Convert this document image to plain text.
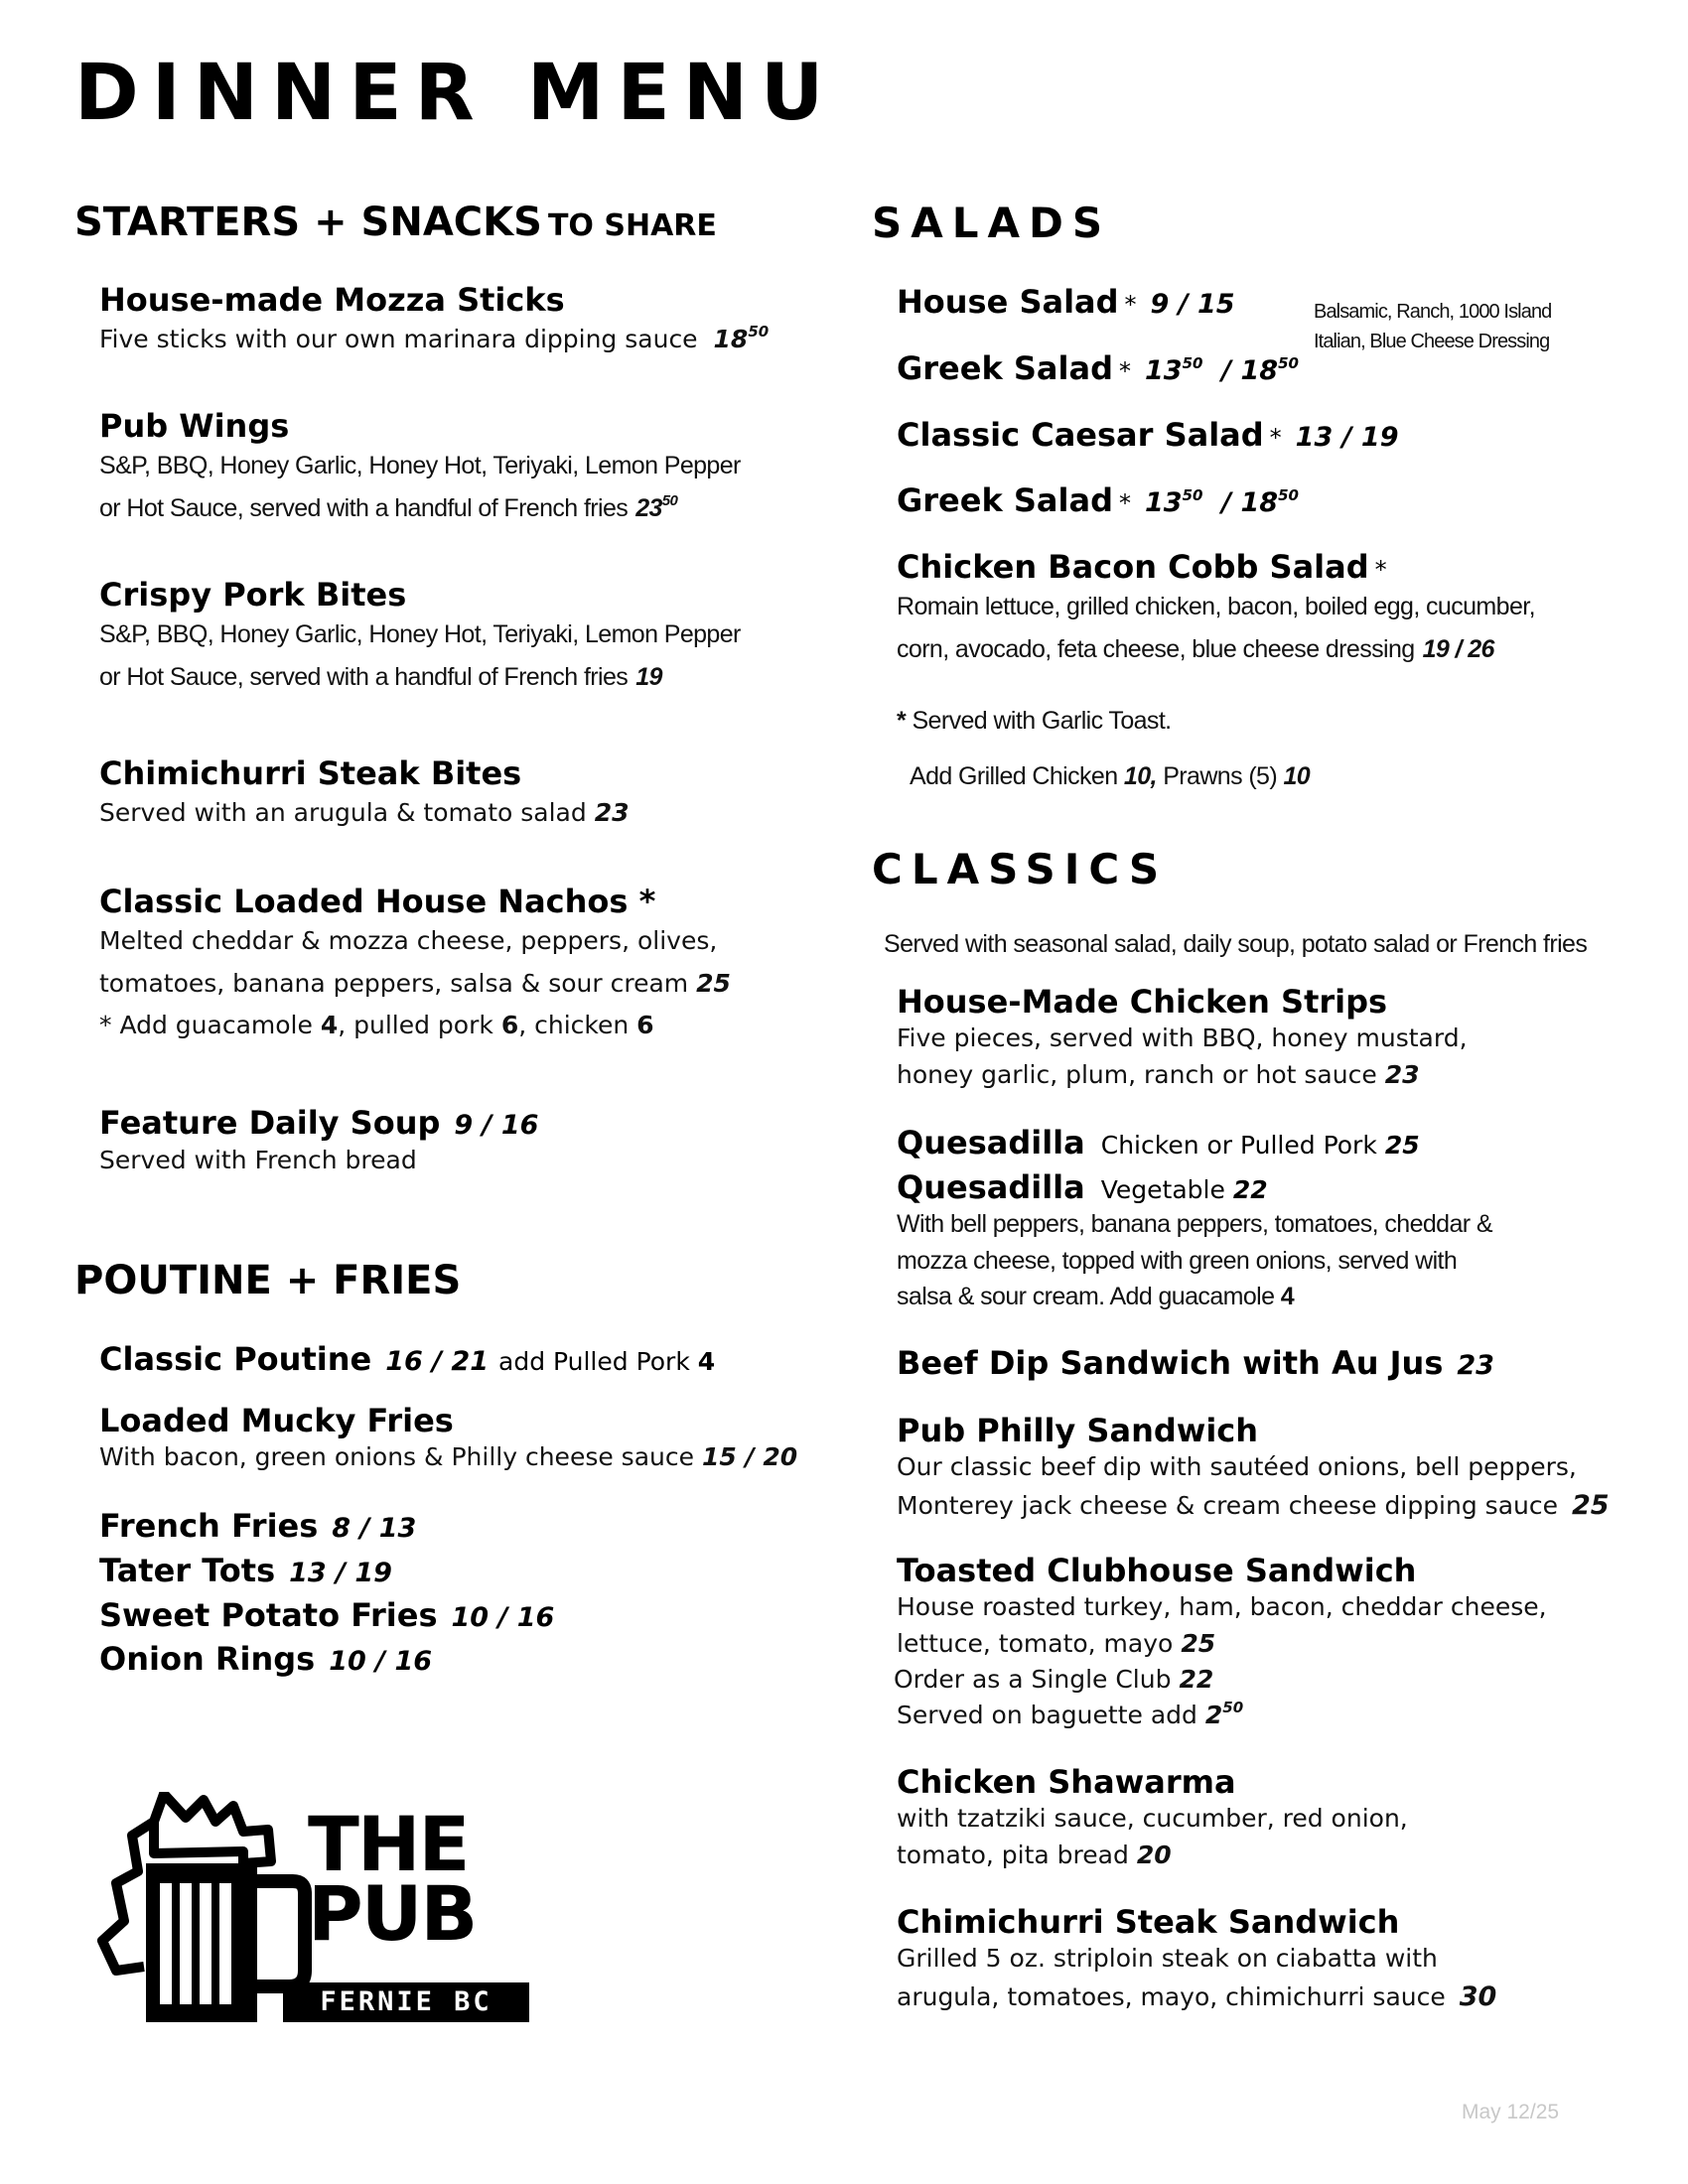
DINNER MENU
STARTERS + SNACKS TO SHARE
House-made Mozza Sticks
Five sticks with our own marinara dipping sauce $18^{50}$
Pub Wings
S&P, BBQ, Honey Garlic, Honey Hot, Teriyaki, Lemon Pepper
or Hot Sauce, served with a handful of French fries $23^{50}$
Crispy Pork Bites
S&P, BBQ, Honey Garlic, Honey Hot, Teriyaki, Lemon Pepper
or Hot Sauce, served with a handful of French fries 19
Chimichurri Steak Bites
Served with an arugula & tomato salad 23
Classic Loaded House Nachos *
Melted cheddar & mozza cheese, peppers, olives,
tomatoes, banana peppers, salsa & sour cream 25
* Add guacamole 4, pulled pork 6, chicken 6
Feature Daily Soup 9 / 16
Served with French bread
POUTINE + FRIES
Classic Poutine 16 / 21 add Pulled Pork 4
Loaded Mucky Fries
With bacon, green onions & Philly cheese sauce 15 / 20
French Fries 8 / 13
Tater Tots 13 / 19
Sweet Potato Fries 10 / 16
Onion Rings 10 / 16
THE
PUB
FERNIE BC
SALADS
House Salad * 9 / 15	Balsamic, Ranch, 1000 Island
Italian, Blue Cheese Dressing
Greek Salad * $13^{50} / 18^{50}$
Classic Caesar Salad * 13 / 19
Greek Salad * $13^{50} / 18^{50}$
Chicken Bacon Cobb Salad *
Romain lettuce, grilled chicken, bacon, boiled egg, cucumber,
corn, avocado, feta cheese, blue cheese dressing 19 / 26
* Served with Garlic Toast.
Add Grilled Chicken 10, Prawns (5) 10
CLASSICS
Served with seasonal salad, daily soup, potato salad or French fries
House-Made Chicken Strips
Five pieces, served with BBQ, honey mustard,
honey garlic, plum, ranch or hot sauce 23
Quesadilla Chicken or Pulled Pork 25
Quesadilla Vegetable 22
With bell peppers, banana peppers, tomatoes, cheddar &
mozza cheese, topped with green onions, served with
salsa & sour cream. Add guacamole 4
Beef Dip Sandwich with Au Jus 23
Pub Philly Sandwich
Our classic beef dip with sautéed onions, bell peppers,
Monterey jack cheese & cream cheese dipping sauce 25
Toasted Clubhouse Sandwich
House roasted turkey, ham, bacon, cheddar cheese,
lettuce, tomato, mayo 25
Order as a Single Club 22
Served on baguette add $2^{50}$
Chicken Shawarma
with tzatziki sauce, cucumber, red onion,
tomato, pita bread 20
Chimichurri Steak Sandwich
Grilled 5 oz. striploin steak on ciabatta with
arugula, tomatoes, mayo, chimichurri sauce 30
May 12/25
